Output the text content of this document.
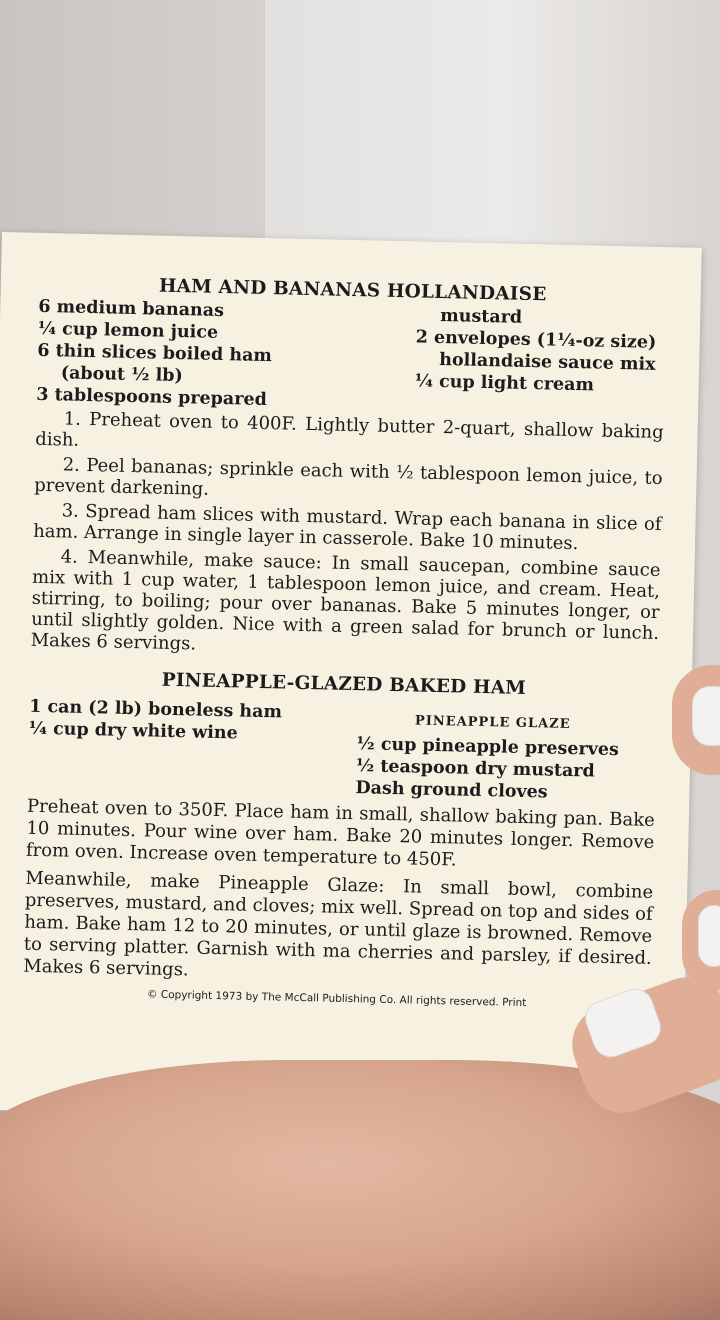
HAM AND BANANAS HOLLANDAISE
6 medium bananas
¼ cup lemon juice
6 thin slices boiled ham
(about ½ lb)
3 tablespoons prepared
mustard
2 envelopes (1¼-oz size)
hollandaise sauce mix
¼ cup light cream
1. Preheat oven to 400F. Lightly butter 2-quart, shallow baking dish.
2. Peel bananas; sprinkle each with ½ tablespoon lemon juice, to prevent darkening.
3. Spread ham slices with mustard. Wrap each banana in slice of ham. Arrange in single layer in casserole. Bake 10 minutes.
4. Meanwhile, make sauce: In small saucepan, combine sauce mix with 1 cup water, 1 tablespoon lemon juice, and cream. Heat, stirring, to boiling; pour over bananas. Bake 5 minutes longer, or until slightly golden. Nice with a green salad for brunch or lunch. Makes 6 servings.
PINEAPPLE-GLAZED BAKED HAM
1 can (2 lb) boneless ham
¼ cup dry white wine	PINEAPPLE GLAZE
½ cup pineapple preserves
½ teaspoon dry mustard
Dash ground cloves
Preheat oven to 350F. Place ham in small, shallow baking pan. Bake 10 minutes. Pour wine over ham. Bake 20 minutes longer. Remove from oven. Increase oven temperature to 450F.
Meanwhile, make Pineapple Glaze: In small bowl, combine preserves, mustard, and cloves; mix well. Spread on top and sides of ham. Bake ham 12 to 20 minutes, or until glaze is browned. Remove to serving platter. Garnish with ma cherries and parsley, if desired. Makes 6 servings.
© Copyright 1973 by The McCall Publishing Co. All rights reserved. Print
